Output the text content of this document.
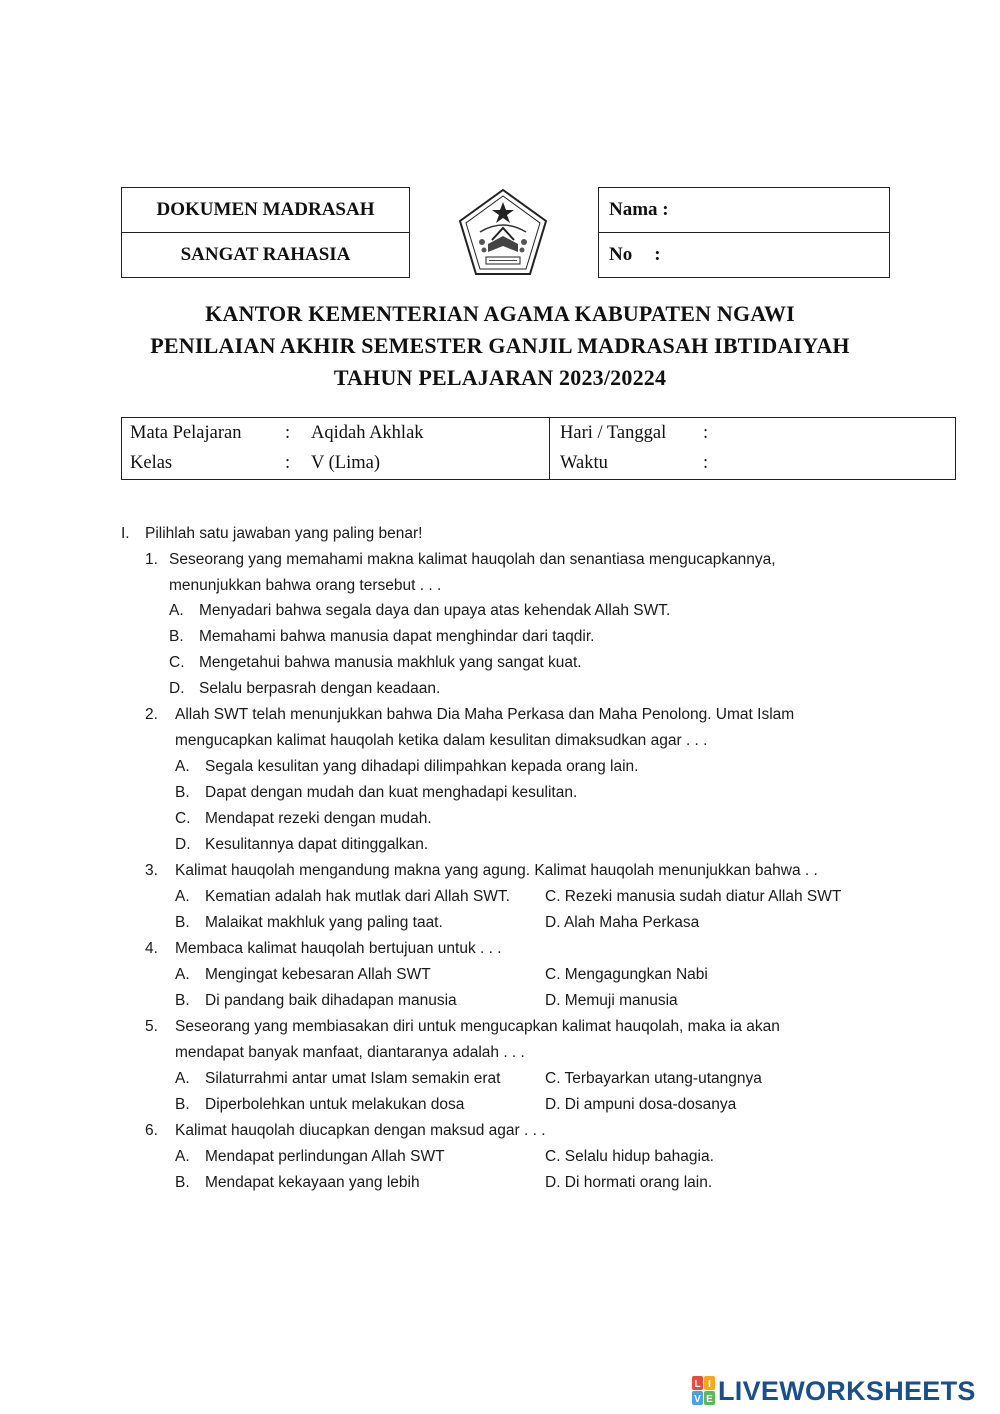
DOKUMEN MADRASAH
SANGAT RAHASIA
Nama :
No :
KANTOR KEMENTERIAN AGAMA KABUPATEN NGAWI
PENILAIAN AKHIR SEMESTER GANJIL MADRASAH IBTIDAIYAH
TAHUN PELAJARAN 2023/20224
Mata Pelajaran : Aqidah Akhlak
Kelas	: V (Lima)
Hari / Tanggal :
Waktu	:
I. Pilihlah satu jawaban yang paling benar!
1. Seseorang yang memahami makna kalimat hauqolah dan senantiasa mengucapkannya,
menunjukkan bahwa orang tersebut . . .
A. Menyadari bahwa segala daya dan upaya atas kehendak Allah SWT.
B. Memahami bahwa manusia dapat menghindar dari taqdir.
C. Mengetahui bahwa manusia makhluk yang sangat kuat.
D. Selalu berpasrah dengan keadaan.
2. Allah SWT telah menunjukkan bahwa Dia Maha Perkasa dan Maha Penolong. Umat Islam
mengucapkan kalimat hauqolah ketika dalam kesulitan dimaksudkan agar . . .
A. Segala kesulitan yang dihadapi dilimpahkan kepada orang lain.
B. Dapat dengan mudah dan kuat menghadapi kesulitan.
C. Mendapat rezeki dengan mudah.
D. Kesulitannya dapat ditinggalkan.
3. Kalimat hauqolah mengandung makna yang agung. Kalimat hauqolah menunjukkan bahwa . .
A. Kematian adalah hak mutlak dari Allah SWT. C. Rezeki manusia sudah diatur Allah SWT
B. Malaikat makhluk yang paling taat.	D. Alah Maha Perkasa
4. Membaca kalimat hauqolah bertujuan untuk . . .
A. Mengingat kebesaran Allah SWT	C. Mengagungkan Nabi
B. Di pandang baik dihadapan manusia	D. Memuji manusia
5. Seseorang yang membiasakan diri untuk mengucapkan kalimat hauqolah, maka ia akan
mendapat banyak manfaat, diantaranya adalah . . .
A. Silaturrahmi antar umat Islam semakin erat	C. Terbayarkan utang-utangnya
B. Diperbolehkan untuk melakukan dosa	D. Di ampuni dosa-dosanya
6. Kalimat hauqolah diucapkan dengan maksud agar . . .
A. Mendapat perlindungan Allah SWT	C. Selalu hidup bahagia.
B. Mendapat kekayaan yang lebih	D. Di hormati orang lain.
L I
V E LIVEWORKSHEETS
